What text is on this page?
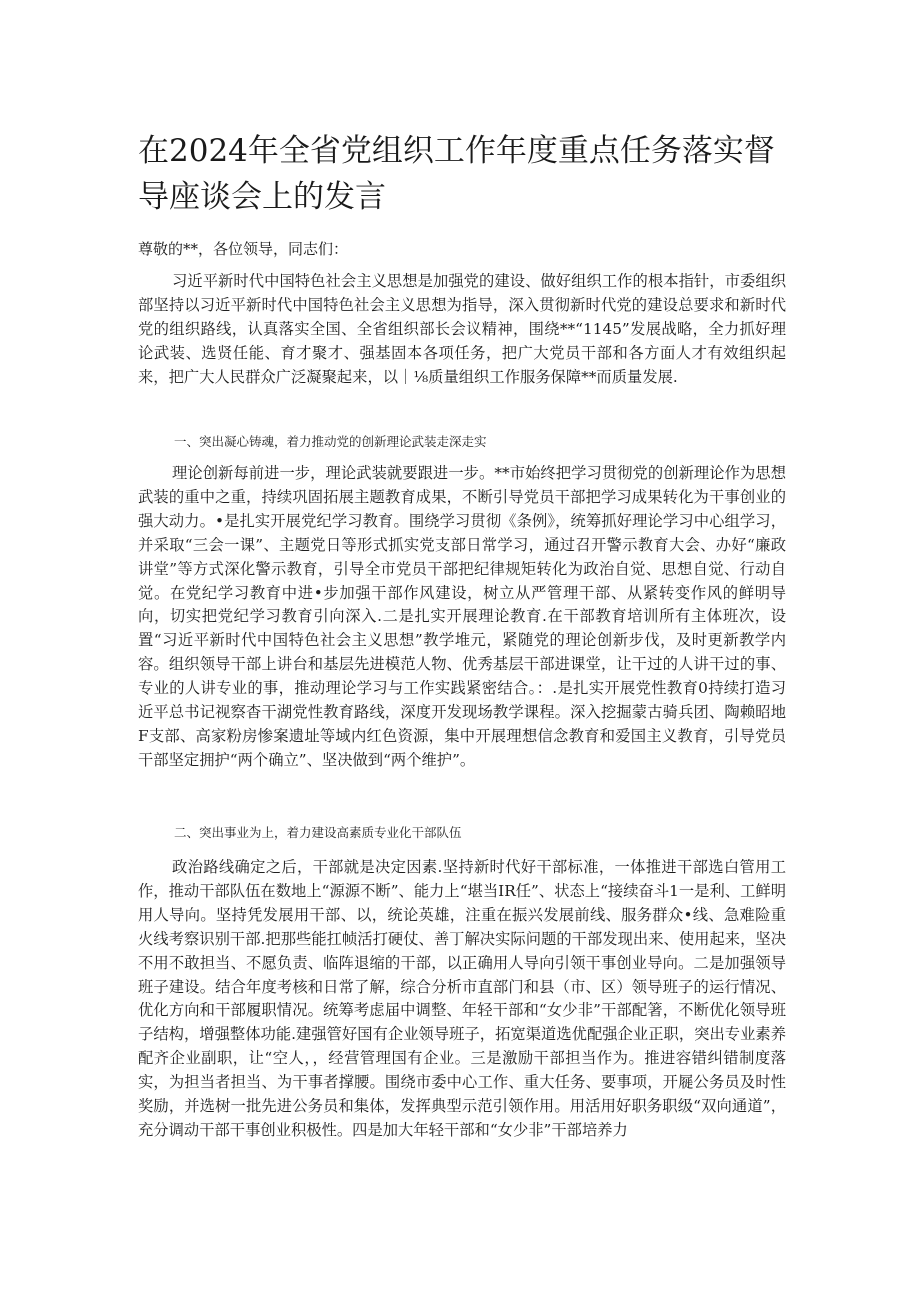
在2024年全省党组织工作年度重点任务落实督导座谈会上的发言

尊敬的**，各位领导，同志们：

习近平新时代中国特色社会主义思想是加强党的建设、做好组织工作的根本指针，市委组织部坚持以习近平新时代中国特色社会主义思想为指导，深入贯彻新时代党的建设总要求和新时代党的组织路线，认真落实全国、全省组织部长会议精神，围绕**“1145”发展战略，全力抓好理论武装、选贤任能、育才聚才、强基固本各项任务，把广大党员干部和各方面人才有效组织起来，把广大人民群众广泛凝聚起来，以｜⅛质量组织工作服务保障**而质量发展.

一、突出凝心铸魂，着力推动党的创新理论武装走深走实

理论创新每前进一步，理论武装就要跟进一步。**市始终把学习贯彻党的创新理论作为思想武装的重中之重，持续巩固拓展主题教育成果，不断引导党员干部把学习成果转化为干事创业的强大动力。•是扎实开展党纪学习教育。围绕学习贯彻《条例》，统筹抓好理论学习中心组学习，并采取“三会一课”、主题党日等形式抓实党支部日常学习，通过召开警示教育大会、办好“廉政讲堂”等方式深化警示教育，引导全市党员干部把纪律规矩转化为政治自觉、思想自觉、行动自觉。在党纪学习教育中进•步加强干部作风建设，树立从严管理干部、从紧转变作风的鲜明导向，切实把党纪学习教育引向深入.二是扎实开展理论教育.在干部教育培训所有主体班次，设置“习近平新时代中国特色社会主义思想”教学堆元，紧随党的理论创新步伐，及时更新教学内容。组织领导干部上讲台和基层先进模范人物、优秀基层干部进课堂，让干过的人讲干过的事、专业的人讲专业的事，推动理论学习与工作实践紧密结合。：.是扎实开展党性教育0持续打造习近平总书记视察杳干湖党性教育路线，深度开发现场教学课程。深入挖掘蒙古骑兵团、陶赖昭地F支部、高家粉房惨案遗址等域内红色资源，集中开展理想信念教育和爱国主义教育，引导党员干部坚定拥护“两个确立”、坚决做到“两个维护”。

二、突出事业为上，着力建设高素质专业化干部队伍

政治路线确定之后，干部就是决定因素.坚持新时代好干部标准，一体推进干部选白管用工作，推动干部队伍在数地上“源源不断”、能力上“堪当IR任”、状态上“接续奋斗1一是利、工鲜明用人导向。坚持凭发展用干部、以，统论英雄，注重在振兴发展前线、服务群众•线、急难险重火线考察识别干部.把那些能扛帧活打硬仗、善丁解决实际问题的干部发现出来、使用起来，坚决不用不敢担当、不愿负责、临阵退缩的干部，以正确用人导向引领干事创业导向。二是加强领导班子建设。结合年度考核和日常了解，综合分析市直部门和县（市、区）领导班子的运行情况、优化方向和干部履职情况。统筹考虑届中调整、年轻干部和“女少非”干部配箸，不断优化领导班子结构，增强整体功能.建强管好国有企业领导班子，拓宽渠道选优配强企业正职，突出专业素养配齐企业副职，让“空人，，经营管理国有企业。三是激励干部担当作为。推进容错纠错制度落实，为担当者担当、为干事者撑腰。围绕市委中心工作、重大任务、要事项，开屣公务员及时性奖励，并选树一批先进公务员和集体，发挥典型示范引领作用。用活用好职务职级“双向通道”，充分调动干部干事创业积极性。四是加大年轻干部和“女少非”干部培养力
